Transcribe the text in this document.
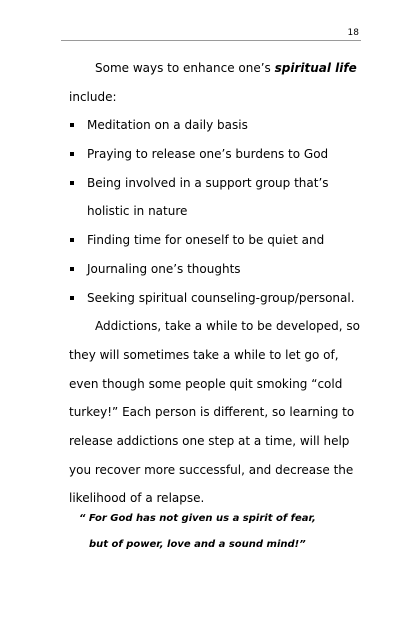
18
Some ways to enhance one’s spiritual life
include:
Meditation on a daily basis
Praying to release one’s burdens to God
Being involved in a support group that’s
holistic in nature
Finding time for oneself to be quiet and
Journaling one’s thoughts
Seeking spiritual counseling-group/personal.
Addictions, take a while to be developed, so
they will sometimes take a while to let go of,
even though some people quit smoking “cold
turkey!” Each person is different, so learning to
release addictions one step at a time, will help
you recover more successful, and decrease the
likelihood of a relapse.
“ For God has not given us a spirit of fear,
but of power, love and a sound mind!”
